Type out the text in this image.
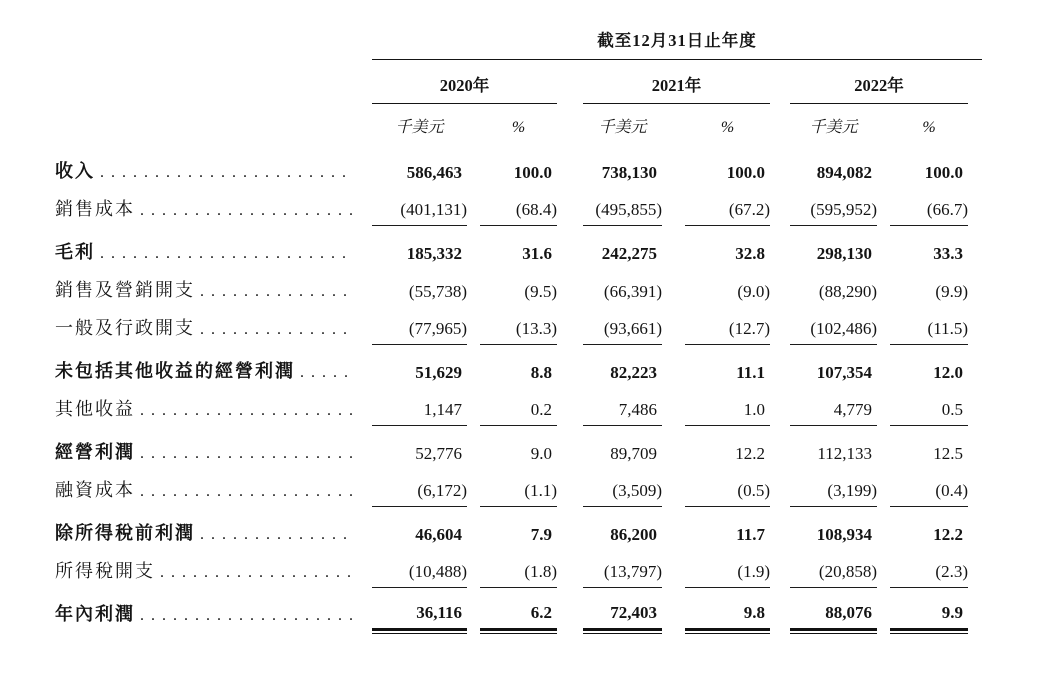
截至12月31日止年度
2020年	2021年	2022年
千美元	%	千美元	%	千美元	%
收入 . . .	586,463	100.0	738,130	100.0	894,082	100.0
銷售成本 . . .	(401,131)	(68.4)	(495,855)	(67.2)	(595,952)	(66.7)
毛利 . . .	185,332	31.6	242,275	32.8	298,130	33.3
銷售及營銷開支 . . .	(55,738)	(9.5)	(66,391)	(9.0)	(88,290)	(9.9)
一般及行政開支 . . .	(77,965)	(13.3)	(93,661)	(12.7)	(102,486)	(11.5)
未包括其他收益的經營利潤 . . .	51,629	8.8	82,223	11.1	107,354	12.0
其他收益 . . .	1,147	0.2	7,486	1.0	4,779	0.5
經營利潤 . . .	52,776	9.0	89,709	12.2	112,133	12.5
融資成本 . . .	(6,172)	(1.1)	(3,509)	(0.5)	(3,199)	(0.4)
除所得稅前利潤 . . .	46,604	7.9	86,200	11.7	108,934	12.2
所得稅開支 . . .	(10,488)	(1.8)	(13,797)	(1.9)	(20,858)	(2.3)
年內利潤 . . .	36,116	6.2	72,403	9.8	88,076	9.9
